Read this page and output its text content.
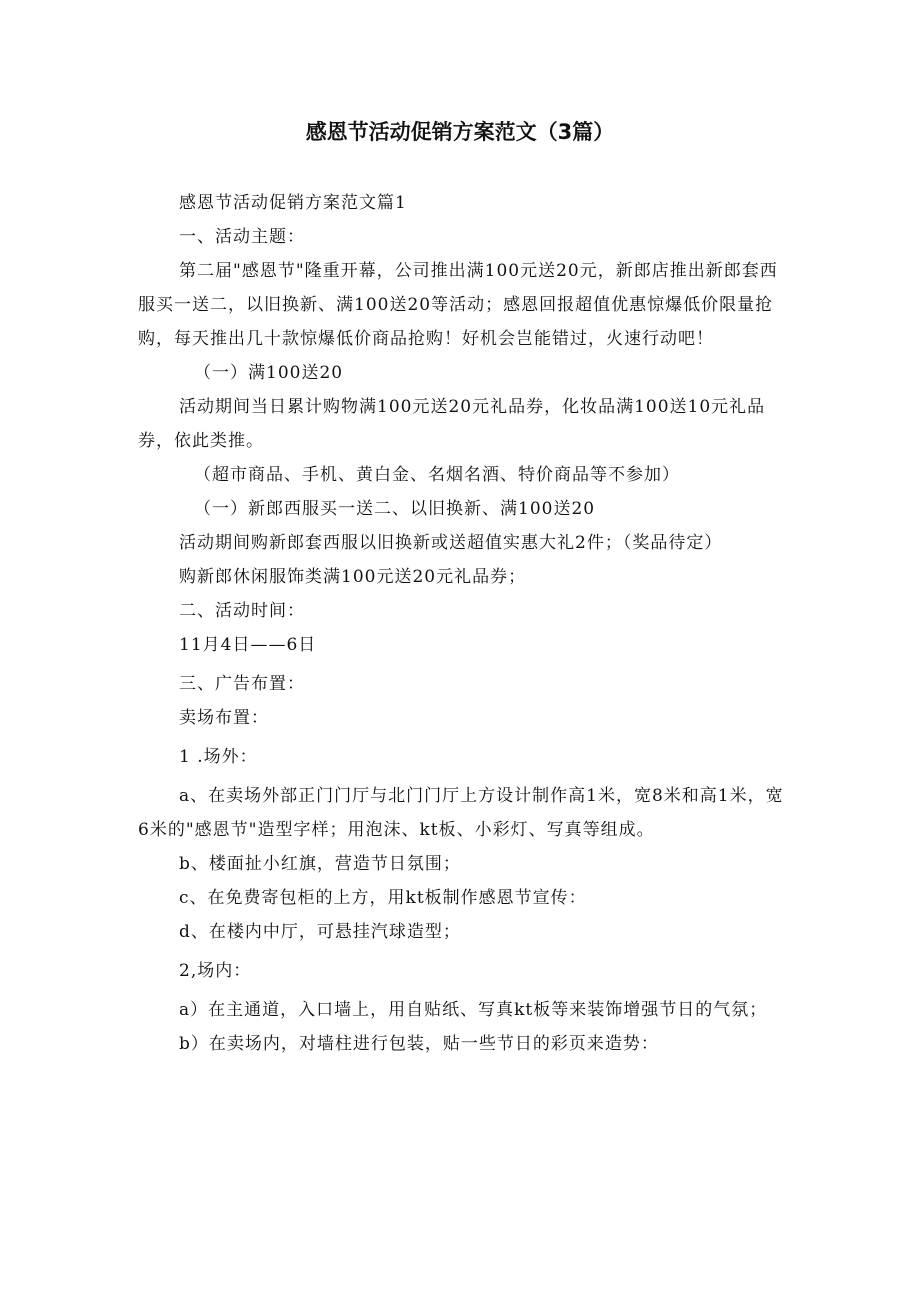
感恩节活动促销方案范文（3篇）

感恩节活动促销方案范文篇1

一、活动主题：

第二届"感恩节"隆重开幕，公司推出满100元送20元，新郎店推出新郎套西服买一送二，以旧换新、满100送20等活动；感恩回报超值优惠惊爆低价限量抢购，每天推出几十款惊爆低价商品抢购！好机会岂能错过，火速行动吧！

（一）满100送20

活动期间当日累计购物满100元送20元礼品券，化妆品满100送10元礼品券，依此类推。

（超市商品、手机、黄白金、名烟名酒、特价商品等不参加）

（一）新郎西服买一送二、以旧换新、满100送20

活动期间购新郎套西服以旧换新或送超值实惠大礼2件；（奖品待定）

购新郎休闲服饰类满100元送20元礼品券；

二、活动时间：

11月4日——6日

三、广告布置：

卖场布置：

1 .场外：

a、在卖场外部正门门厅与北门门厅上方设计制作高1米，宽8米和高1米，宽6米的"感恩节"造型字样；用泡沫、kt板、小彩灯、写真等组成。

b、楼面扯小红旗，营造节日氛围；

c、在免费寄包柜的上方，用kt板制作感恩节宣传：

d、在楼内中厅，可悬挂汽球造型；

2,场内：

a）在主通道，入口墙上，用自贴纸、写真kt板等来装饰增强节日的气氛；

b）在卖场内，对墙柱进行包装，贴一些节日的彩页来造势：
